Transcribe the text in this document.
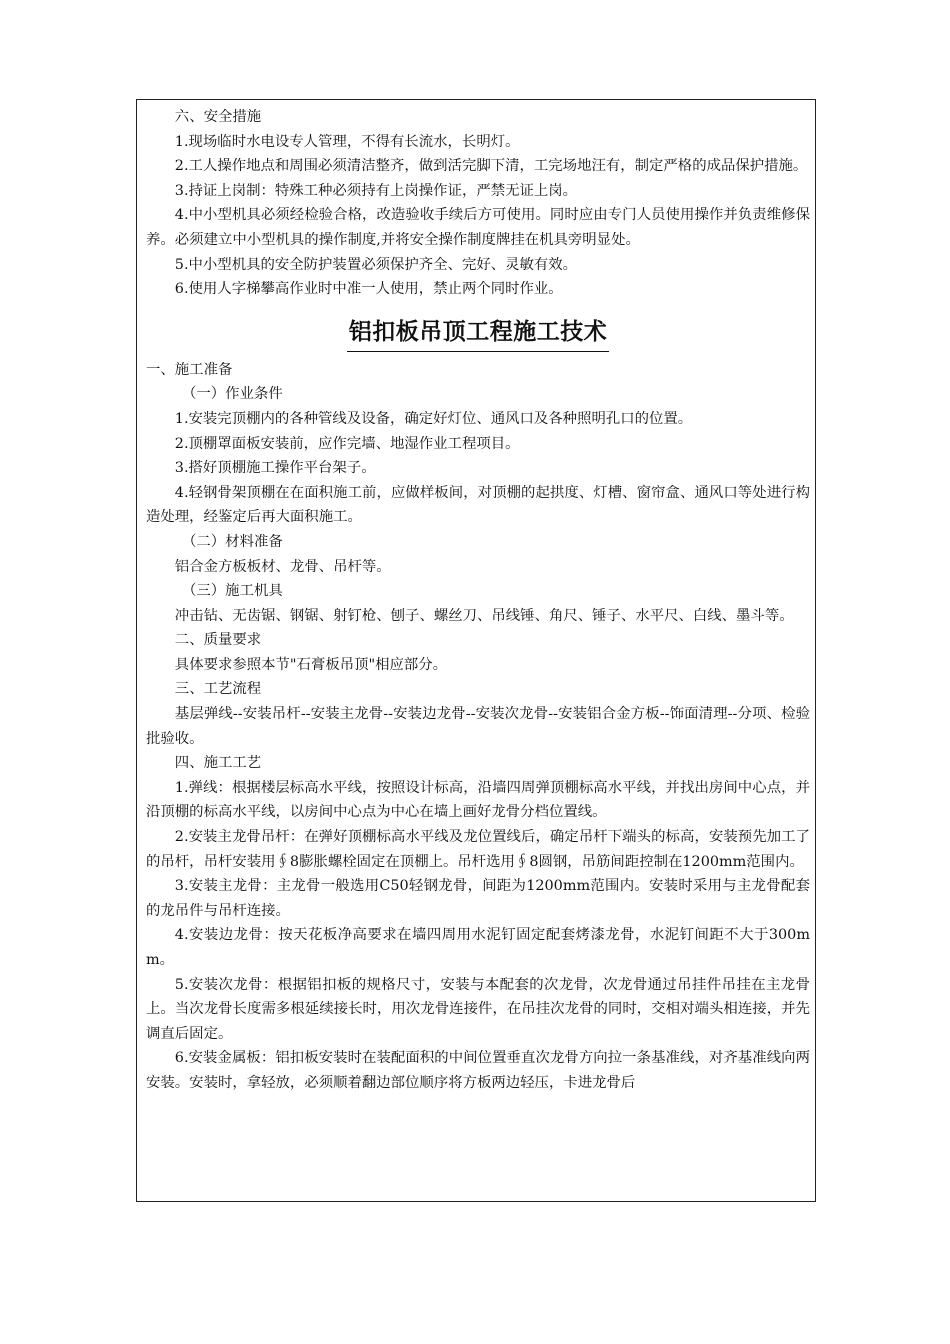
六、安全措施

1.现场临时水电设专人管理，不得有长流水，长明灯。

2.工人操作地点和周围必须清洁整齐，做到活完脚下清，工完场地汪有，制定严格的成品保护措施。

3.持证上岗制：特殊工种必须持有上岗操作证，严禁无证上岗。

4.中小型机具必须经检验合格，改造验收手续后方可使用。同时应由专门人员使用操作并负责维修保养。必须建立中小型机具的操作制度,并将安全操作制度牌挂在机具旁明显处。

5.中小型机具的安全防护装置必须保护齐全、完好、灵敏有效。

6.使用人字梯攀高作业时中准一人使用，禁止两个同时作业。

铝扣板吊顶工程施工技术

一、施工准备

（一）作业条件

1.安装完顶棚内的各种管线及设备，确定好灯位、通风口及各种照明孔口的位置。

2.顶棚罩面板安装前，应作完墙、地湿作业工程项目。

3.搭好顶棚施工操作平台架子。

4.轻钢骨架顶棚在在面积施工前，应做样板间，对顶棚的起拱度、灯槽、窗帘盒、通风口等处进行构造处理，经鉴定后再大面积施工。

（二）材料准备

铝合金方板板材、龙骨、吊杆等。

（三）施工机具

冲击钻、无齿锯、钢锯、射钉枪、刨子、螺丝刀、吊线锤、角尺、锤子、水平尺、白线、墨斗等。

二、质量要求

具体要求参照本节"石膏板吊顶"相应部分。

三、工艺流程

基层弹线--安装吊杆--安装主龙骨--安装边龙骨--安装次龙骨--安装铝合金方板--饰面清理--分项、检验批验收。

四、施工工艺

1.弹线：根据楼层标高水平线，按照设计标高，沿墙四周弹顶棚标高水平线，并找出房间中心点，并沿顶棚的标高水平线，以房间中心点为中心在墙上画好龙骨分档位置线。

2.安装主龙骨吊杆：在弹好顶棚标高水平线及龙位置线后，确定吊杆下端头的标高，安装预先加工了的吊杆，吊杆安装用∮8膨胀螺栓固定在顶棚上。吊杆选用∮8圆钢，吊筋间距控制在1200mm范围内。

3.安装主龙骨：主龙骨一般选用C50轻钢龙骨，间距为1200mm范围内。安装时采用与主龙骨配套的龙吊件与吊杆连接。

4.安装边龙骨：按天花板净高要求在墙四周用水泥钉固定配套烤漆龙骨，水泥钉间距不大于300mm。

5.安装次龙骨：根据铝扣板的规格尺寸，安装与本配套的次龙骨，次龙骨通过吊挂件吊挂在主龙骨上。当次龙骨长度需多根延续接长时，用次龙骨连接件，在吊挂次龙骨的同时，交相对端头相连接，并先调直后固定。

6.安装金属板：铝扣板安装时在装配面积的中间位置垂直次龙骨方向拉一条基准线，对齐基准线向两安装。安装时，拿轻放，必须顺着翻边部位顺序将方板两边轻压，卡进龙骨后
